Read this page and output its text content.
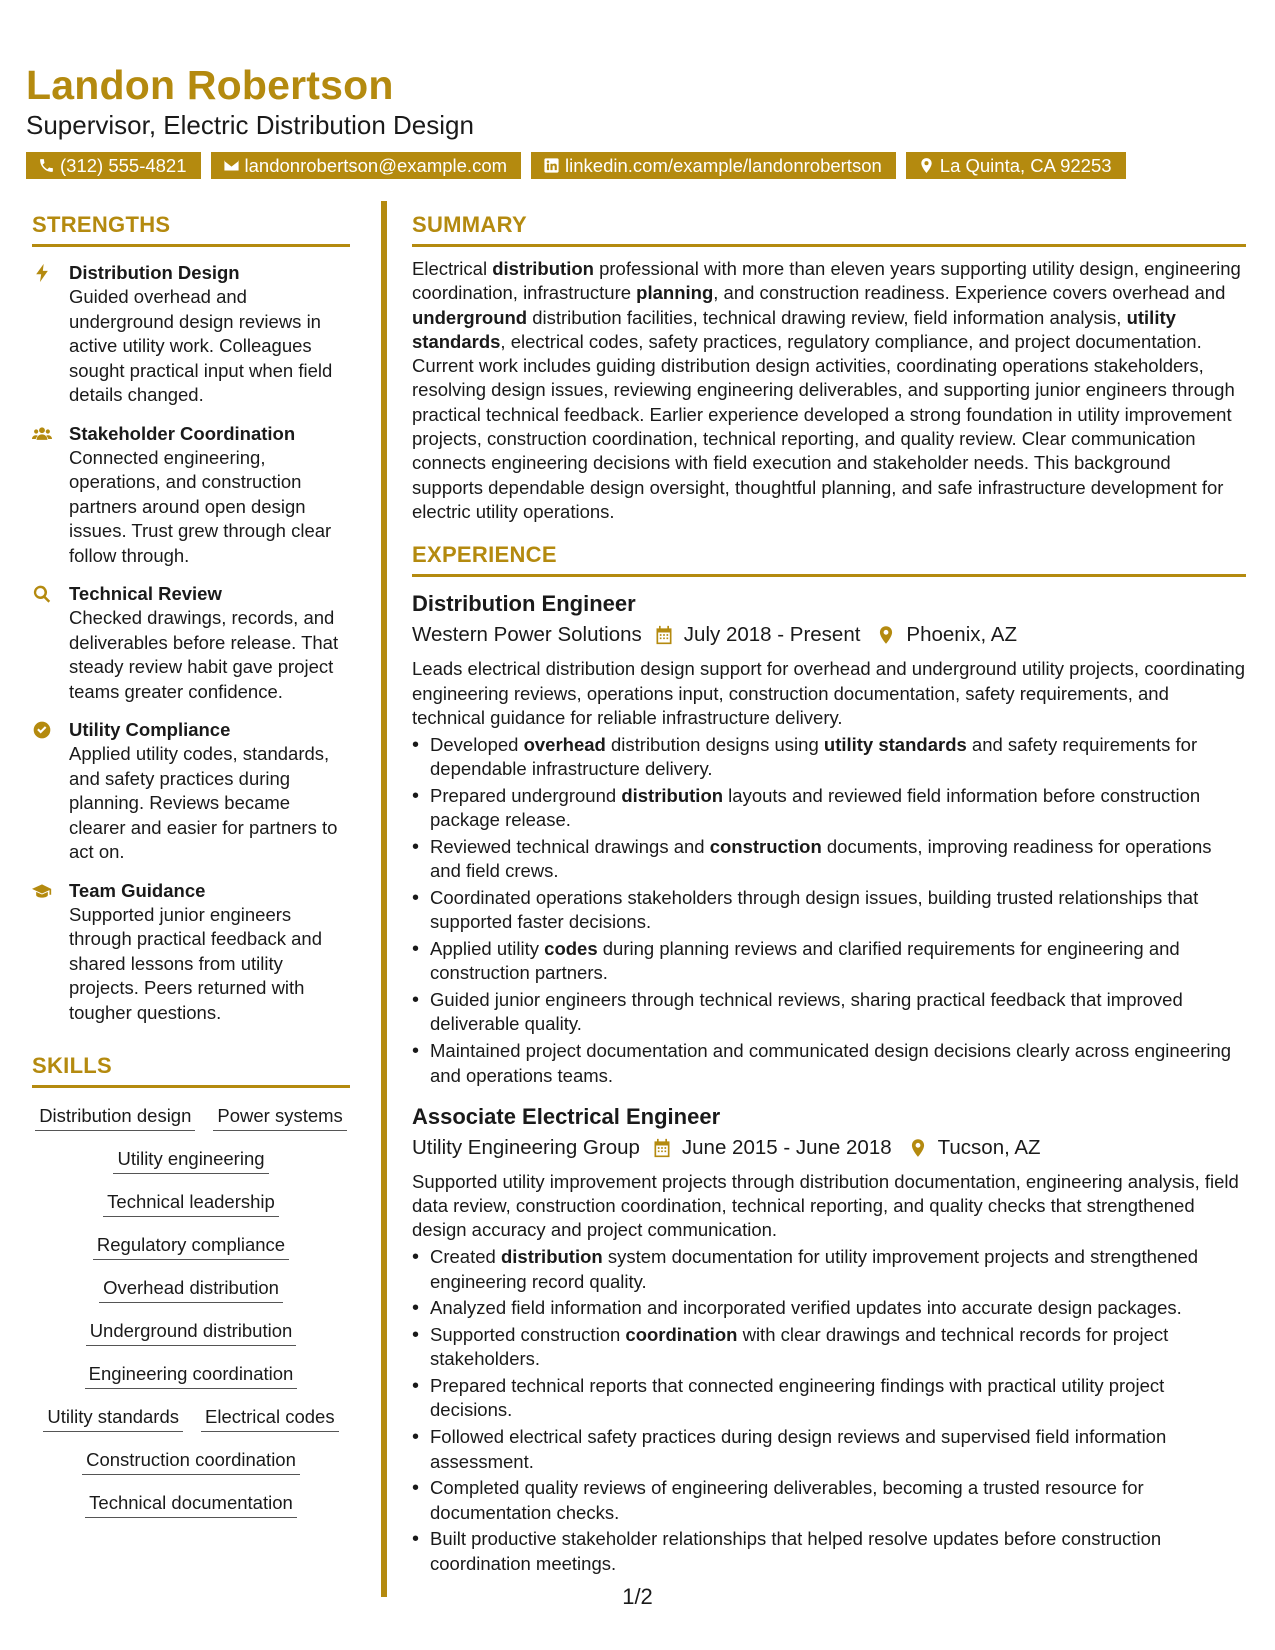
Landon Robertson
Supervisor, Electric Distribution Design
(312) 555-4821	landonrobertson@example.com	linkedin.com/example/landonrobertson	La Quinta, CA 92253
STRENGTHS
Distribution Design
Guided overhead and underground design reviews in active utility work. Colleagues sought practical input when field details changed.
Stakeholder Coordination
Connected engineering, operations, and construction partners around open design issues. Trust grew through clear follow through.
Technical Review
Checked drawings, records, and deliverables before release. That steady review habit gave project teams greater confidence.
Utility Compliance
Applied utility codes, standards, and safety practices during planning. Reviews became clearer and easier for partners to act on.
Team Guidance
Supported junior engineers through practical feedback and shared lessons from utility projects. Peers returned with tougher questions.
SKILLS
Distribution design Power systems
Utility engineering
Technical leadership
Regulatory compliance
Overhead distribution
Underground distribution
Engineering coordination
Utility standards Electrical codes
Construction coordination
Technical documentation
SUMMARY
Electrical distribution professional with more than eleven years supporting utility design, engineering coordination, infrastructure planning, and construction readiness. Experience covers overhead and underground distribution facilities, technical drawing review, field information analysis, utility standards, electrical codes, safety practices, regulatory compliance, and project documentation. Current work includes guiding distribution design activities, coordinating operations stakeholders, resolving design issues, reviewing engineering deliverables, and supporting junior engineers through practical technical feedback. Earlier experience developed a strong foundation in utility improvement projects, construction coordination, technical reporting, and quality review. Clear communication connects engineering decisions with field execution and stakeholder needs. This background supports dependable design oversight, thoughtful planning, and safe infrastructure development for electric utility operations.
EXPERIENCE
Distribution Engineer
Western Power Solutions July 2018 - Present Phoenix, AZ
Leads electrical distribution design support for overhead and underground utility projects, coordinating engineering reviews, operations input, construction documentation, safety requirements, and technical guidance for reliable infrastructure delivery.
• Developed overhead distribution designs using utility standards and safety requirements for dependable infrastructure delivery.
• Prepared underground distribution layouts and reviewed field information before construction package release.
• Reviewed technical drawings and construction documents, improving readiness for operations and field crews.
• Coordinated operations stakeholders through design issues, building trusted relationships that supported faster decisions.
• Applied utility codes during planning reviews and clarified requirements for engineering and construction partners.
• Guided junior engineers through technical reviews, sharing practical feedback that improved deliverable quality.
• Maintained project documentation and communicated design decisions clearly across engineering and operations teams.
Associate Electrical Engineer
Utility Engineering Group June 2015 - June 2018 Tucson, AZ
Supported utility improvement projects through distribution documentation, engineering analysis, field data review, construction coordination, technical reporting, and quality checks that strengthened design accuracy and project communication.
• Created distribution system documentation for utility improvement projects and strengthened engineering record quality.
• Analyzed field information and incorporated verified updates into accurate design packages.
• Supported construction coordination with clear drawings and technical records for project stakeholders.
• Prepared technical reports that connected engineering findings with practical utility project decisions.
• Followed electrical safety practices during design reviews and supervised field information assessment.
• Completed quality reviews of engineering deliverables, becoming a trusted resource for documentation checks.
• Built productive stakeholder relationships that helped resolve updates before construction coordination meetings.
1/2
